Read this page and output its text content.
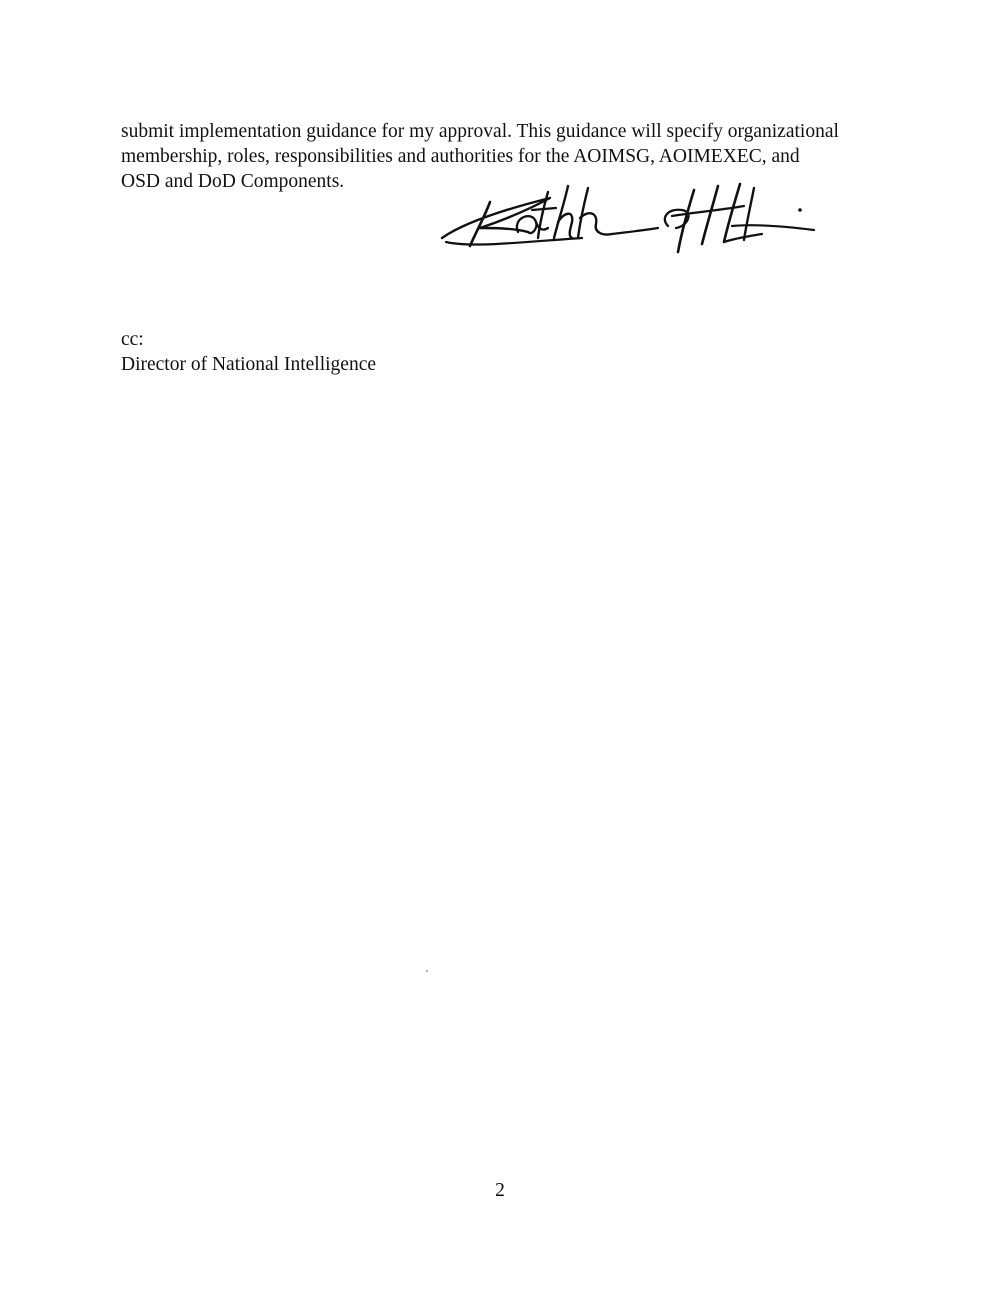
submit implementation guidance for my approval. This guidance will specify organizational
membership, roles, responsibilities and authorities for the AOIMSG, AOIMEXEC, and
OSD and DoD Components.

cc:
Director of National Intelligence
2
